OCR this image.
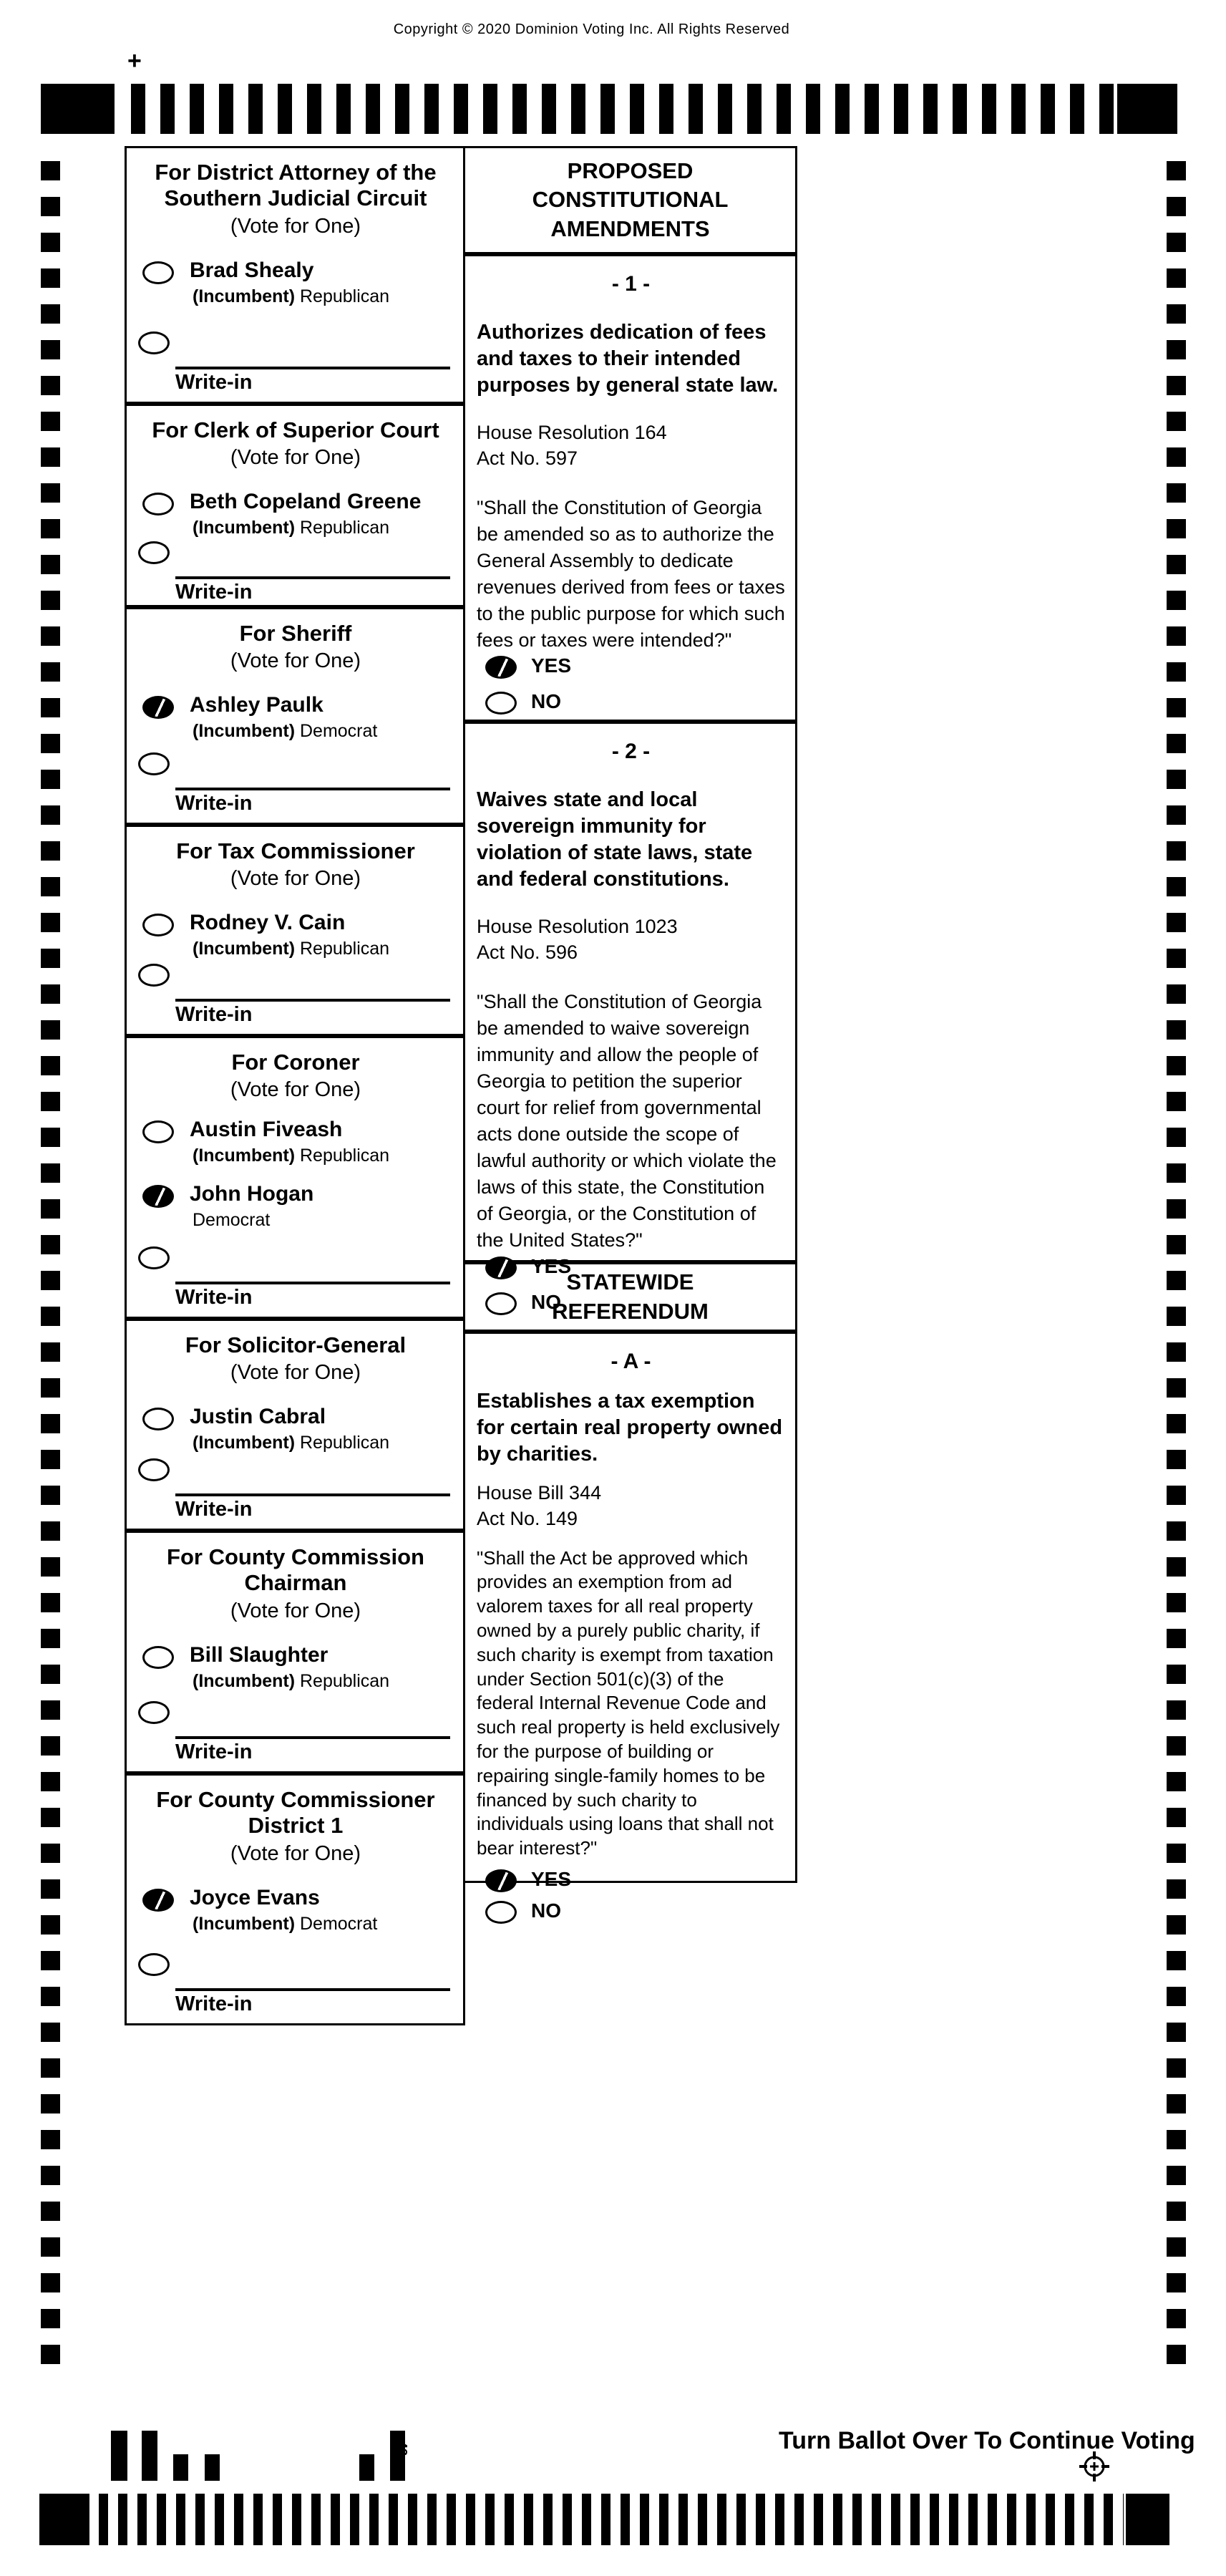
Copyright © 2020 Dominion Voting Inc. All Rights Reserved
+
For District Attorney of the
Southern Judicial Circuit
(Vote for One)
Brad Shealy
(Incumbent) Republican
Write-in
For Clerk of Superior Court
(Vote for One)
Beth Copeland Greene
(Incumbent) Republican
Write-in
For Sheriff
(Vote for One)
Ashley Paulk
(Incumbent) Democrat
Write-in
For Tax Commissioner
(Vote for One)
Rodney V. Cain
(Incumbent) Republican
Write-in
For Coroner
(Vote for One)
Austin Fiveash
(Incumbent) Republican
John Hogan
Democrat
Write-in
For Solicitor-General
(Vote for One)
Justin Cabral
(Incumbent) Republican
Write-in
For County Commission
Chairman
(Vote for One)
Bill Slaughter
(Incumbent) Republican
Write-in
For County Commissioner
District 1
(Vote for One)
Joyce Evans
(Incumbent) Democrat
Write-in
PROPOSED
CONSTITUTIONAL
AMENDMENTS
- 1 -
Authorizes dedication of fees and taxes to their intended purposes by general state law.
House Resolution 164
Act No. 597
"Shall the Constitution of Georgia be amended so as to authorize the General Assembly to dedicate revenues derived from fees or taxes to the public purpose for which such fees or taxes were intended?"
YES
NO
- 2 -
Waives state and local sovereign immunity for violation of state laws, state and federal constitutions.
House Resolution 1023
Act No. 596
"Shall the Constitution of Georgia be amended to waive sovereign immunity and allow the people of Georgia to petition the superior court for relief from governmental acts done outside the scope of lawful authority or which violate the laws of this state, the Constitution of Georgia, or the Constitution of the United States?"
YES
NO
STATEWIDE
REFERENDUM
- A -
Establishes a tax exemption for certain real property owned by charities.
House Bill 344
Act No. 149
"Shall the Act be approved which provides an exemption from ad valorem taxes for all real property owned by a purely public charity, if such charity is exempt from taxation under Section 501(c)(3) of the federal Internal Revenue Code and such real property is held exclusively for the purpose of building or repairing single-family homes to be financed by such charity to individuals using loans that shall not bear interest?"
YES
NO
43	Turn Ballot Over To Continue Voting
